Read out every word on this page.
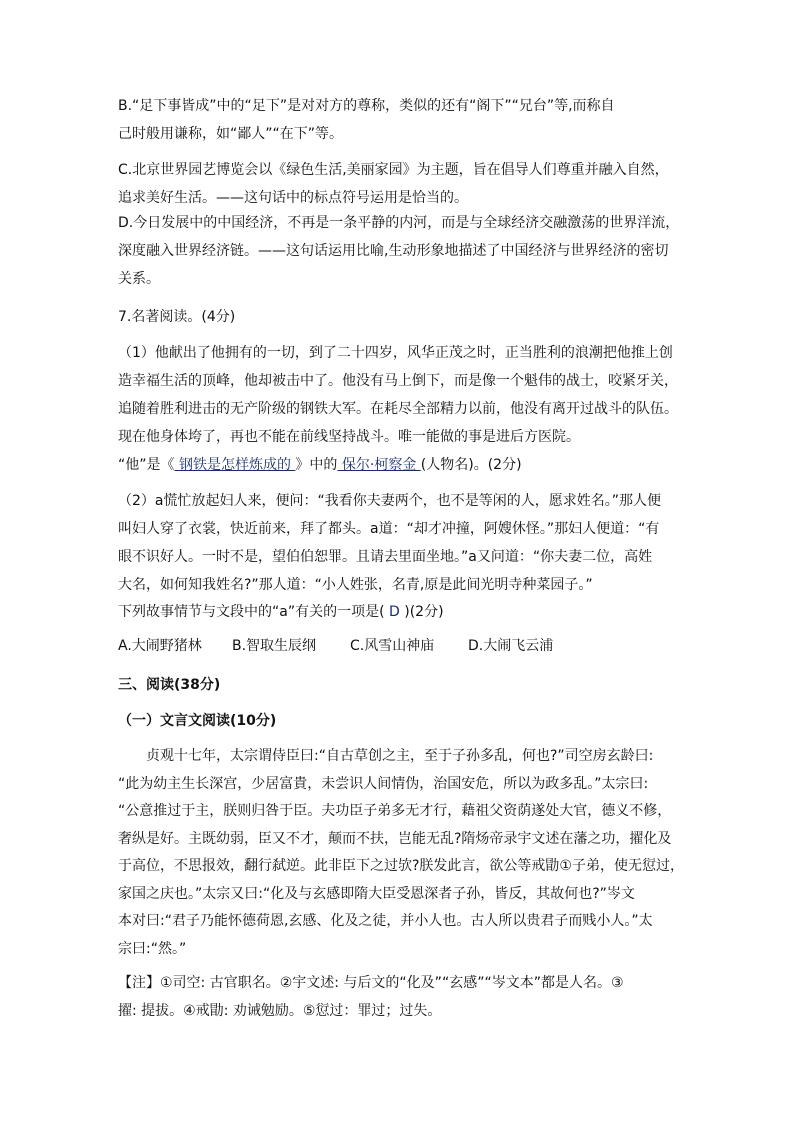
B.“足下事皆成”中的“足下”是对对方的尊称，类似的还有“阁下”“兄台”等,而称自
己时般用谦称，如“鄙人”“在下”等。
C.北京世界园艺博览会以《绿色生活,美丽家园》为主题，旨在倡导人们尊重并融入自然，
追求美好生活。——这句话中的标点符号运用是恰当的。
D.今日发展中的中国经济，不再是一条平静的内河，而是与全球经济交融激荡的世界洋流，
深度融入世界经济链。——这句话运用比喻,生动形象地描述了中国经济与世界经济的密切
关系。
7.名著阅读。(4分)
（1）他献出了他拥有的一切，到了二十四岁，风华正茂之时，正当胜利的浪潮把他推上创
造幸福生活的顶峰，他却被击中了。他没有马上倒下，而是像一个魁伟的战士，咬紧牙关，
追随着胜利进击的无产阶级的钢铁大军。在耗尽全部精力以前，他没有离开过战斗的队伍。
现在他身体垮了，再也不能在前线坚持战斗。唯一能做的事是进后方医院。
“他”是《 钢铁是怎样炼成的 》中的 保尔·柯察金 (人物名)。(2分)
（2）a慌忙放起妇人来，便问：“我看你夫妻两个，也不是等闲的人，愿求姓名。”那人便
叫妇人穿了衣裳，快近前来，拜了都头。a道：“却才冲撞，阿嫂休怪。”那妇人便道：“有
眼不识好人。一时不是，望伯伯恕罪。且请去里面坐地。”a又问道：“你夫妻二位，高姓
大名，如何知我姓名?”那人道：“小人姓张，名青,原是此间光明寺种菜园子。”
下列故事情节与文段中的“a”有关的一项是( D )(2分)
A.大闹野猪林 B.智取生辰纲 C.风雪山神庙 D.大闹飞云浦
三、阅读(38分)
（一）文言文阅读(10分)
　　贞观十七年，太宗谓侍臣曰:“自古草创之主，至于子孙多乱，何也?”司空房玄龄曰:
“此为幼主生长深宫，少居富貴，未尝识人间情伪，治国安危，所以为政多乱。”太宗曰:
“公意推过于主，朕则归咎于臣。夫功臣子弟多无才行，藉祖父资荫遂处大官，德义不修，
奢纵是好。主既幼弱，臣又不才，颠而不扶，岂能无乱?隋炀帝录宇文述在藩之功，擢化及
于高位，不思报效，翻行弑逆。此非臣下之过欤?朕发此言，欲公等戒勖①子弟，使无愆过，
家国之庆也。”太宗又曰:“化及与玄感即隋大臣受恩深者子孙，皆反，其故何也?”岑文
本对曰:“君子乃能怀德荷恩,玄感、化及之徒，并小人也。古人所以贵君子而贱小人。”太
宗曰:“然。”
【注】①司空: 古官职名。②宇文述: 与后文的“化及”“玄感”“岑文本”都是人名。③
擢: 提拔。④戒勖: 劝诫勉励。⑤愆过：罪过；过失。
